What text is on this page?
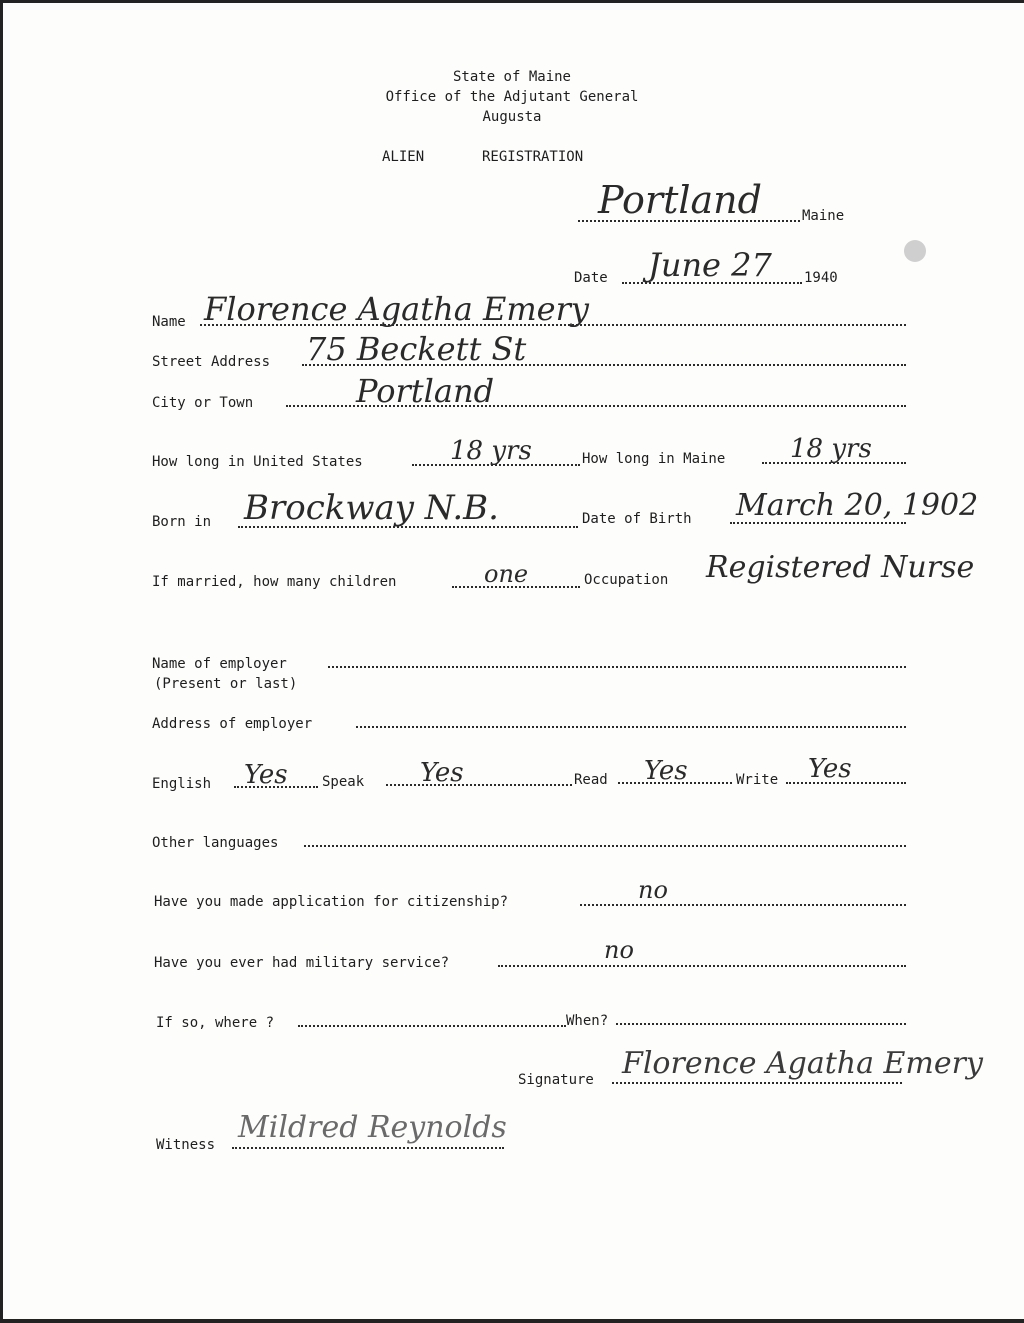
State of Maine
Office of the Adjutant General
Augusta
ALIEN	REGISTRATION
Portland	Maine
Date June 27 1940
Name Florence Agatha Emery
Street Address 75 Beckett St
City or Town	Portland
How long in United States	18 yrs	How long in Maine 18 yrs
Born in Brockway N.B.	Date of Birth March 20, 1902
If married, how many children	one	Occupation Registered Nurse
Name of employer
(Present or last)
Address of employer
English Yes Speak Yes	Read Yes	Write Yes
Other languages
Have you made application for citizenship?	no
Have you ever had military service?	no
If so, where ?	When?
Signature Florence Agatha Emery
Witness Mildred Reynolds
